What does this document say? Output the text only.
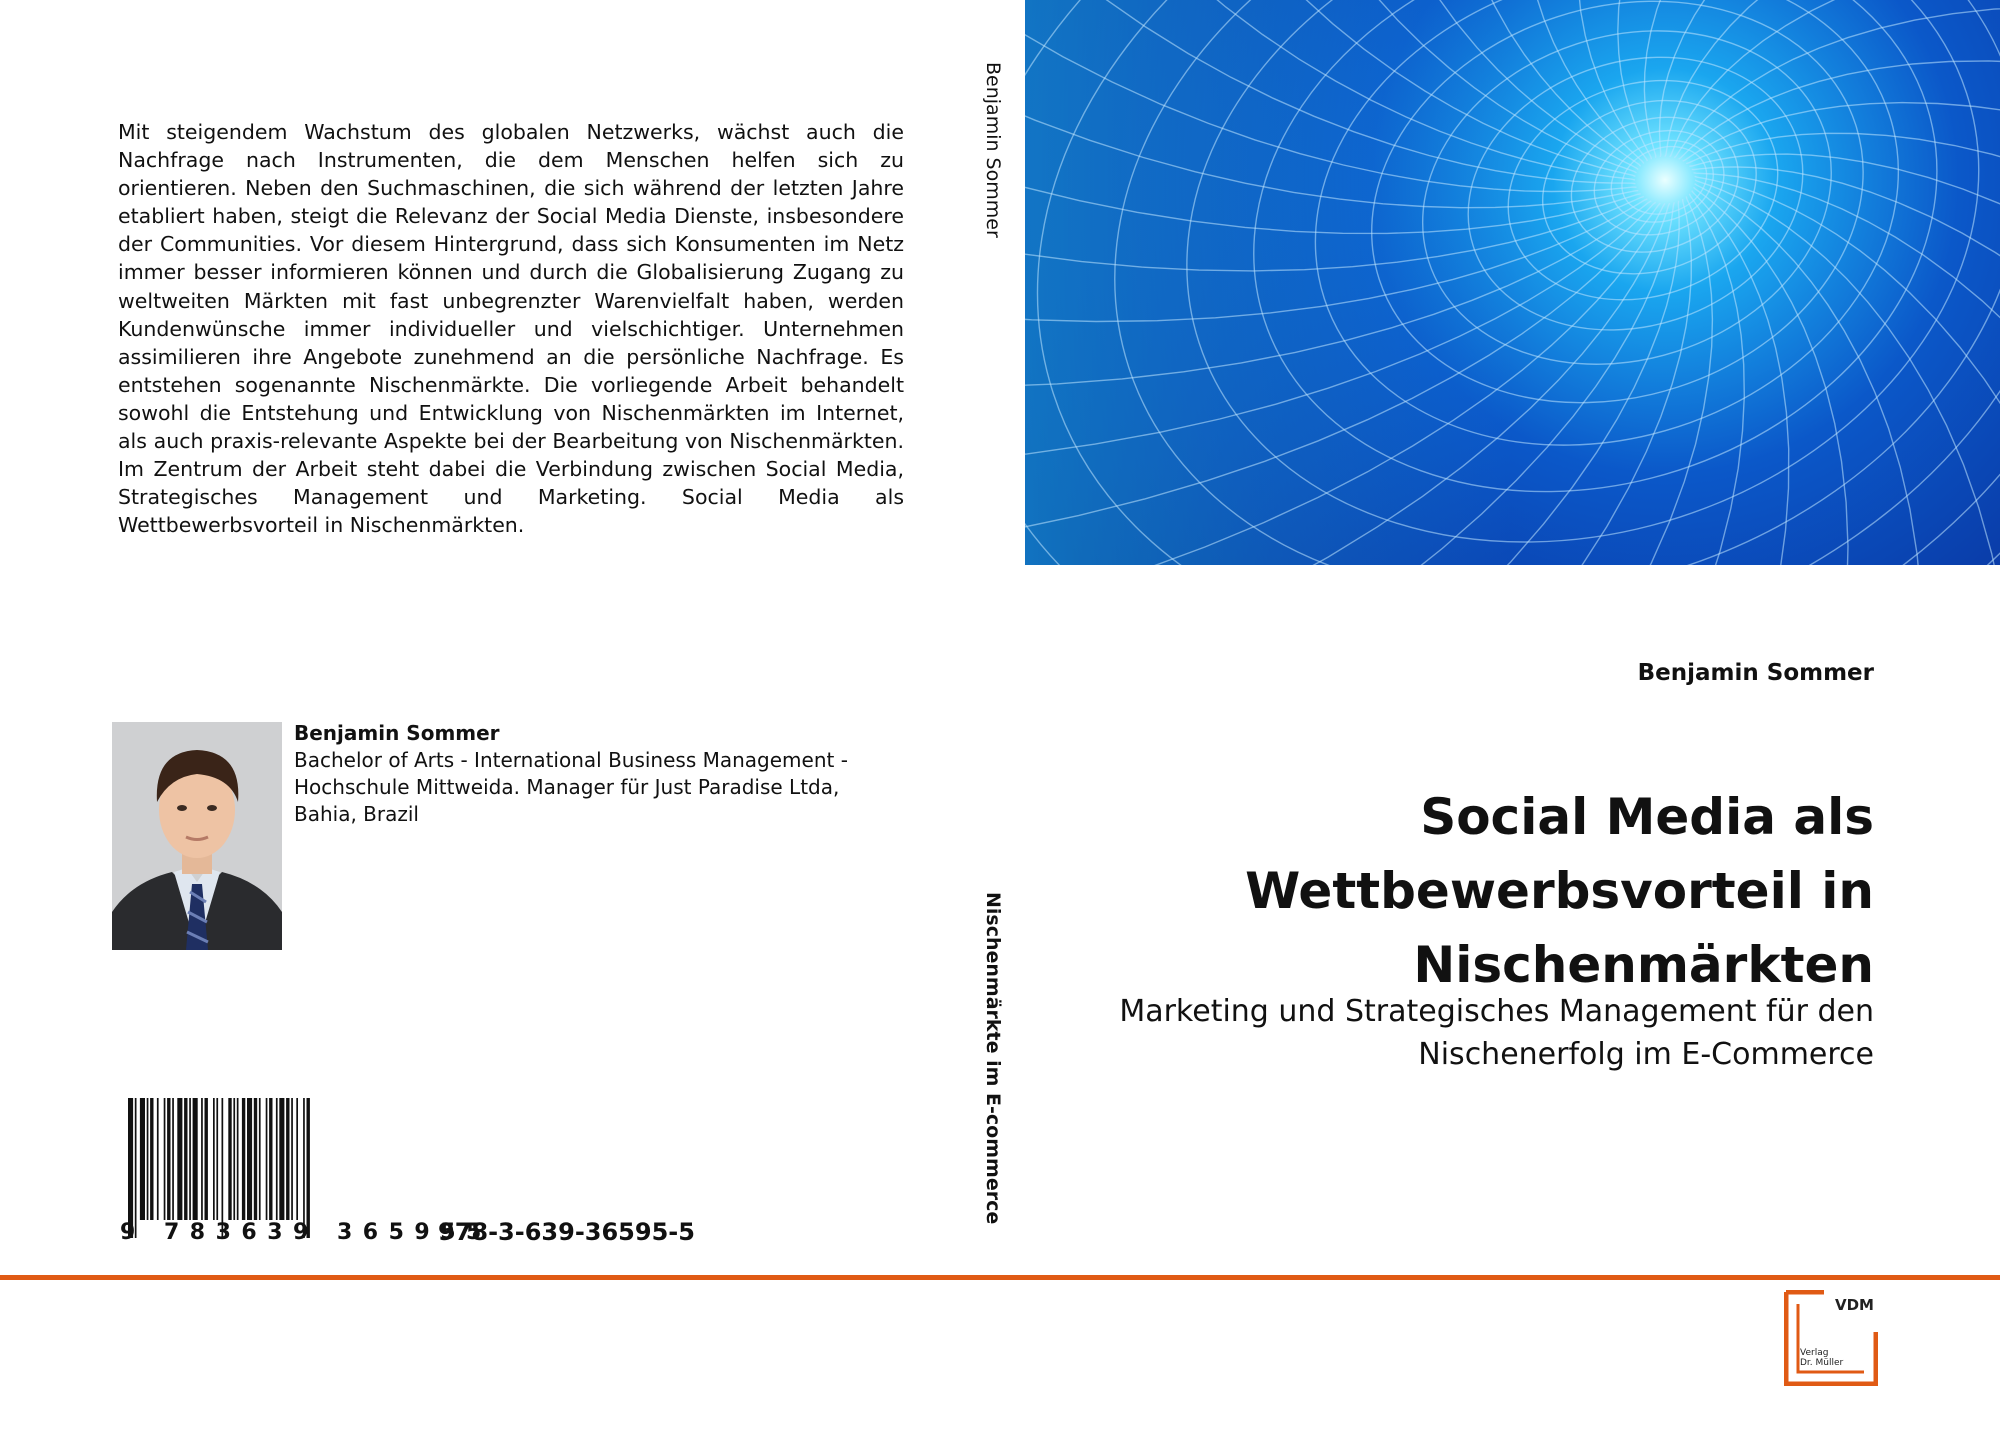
Mit steigendem Wachstum des globalen Netzwerks, wächst auch die Nachfrage nach Instrumenten, die dem Menschen helfen sich zu orientieren. Neben den Suchmaschinen, die sich während der letzten Jahre etabliert haben, steigt die Relevanz der Social Media Dienste, insbesondere der Communities. Vor diesem Hintergrund, dass sich Konsumenten im Netz immer besser informieren können und durch die Globalisierung Zugang zu weltweiten Märkten mit fast unbegrenzter Warenvielfalt haben, werden Kundenwünsche immer individueller und vielschichtiger. Unternehmen assimilieren ihre Angebote zunehmend an die persönliche Nachfrage. Es entstehen sogenannte Nischenmärkte. Die vorliegende Arbeit behandelt sowohl die Entstehung und Entwicklung von Nischenmärkten im Internet, als auch praxis-relevante Aspekte bei der Bearbeitung von Nischenmärkten. Im Zentrum der Arbeit steht dabei die Verbindung zwischen Social Media, Strategisches Management und Marketing. Social Media als Wettbewerbsvorteil in Nischenmärkten.
Benjamin Sommer
Bachelor of Arts - International Business Management - Hochschule Mittweida. Manager für Just Paradise Ltda, Bahia, Brazil
9 783639 365955
978-3-639-36595-5
Benjamin Sommer
Nischenmärkte im E-commerce
Benjamin Sommer
Social Media als Wettbewerbsvorteil in Nischenmärkten
Marketing und Strategisches Management für den Nischenerfolg im E-Commerce
VDM
Verlag
Dr. Müller
